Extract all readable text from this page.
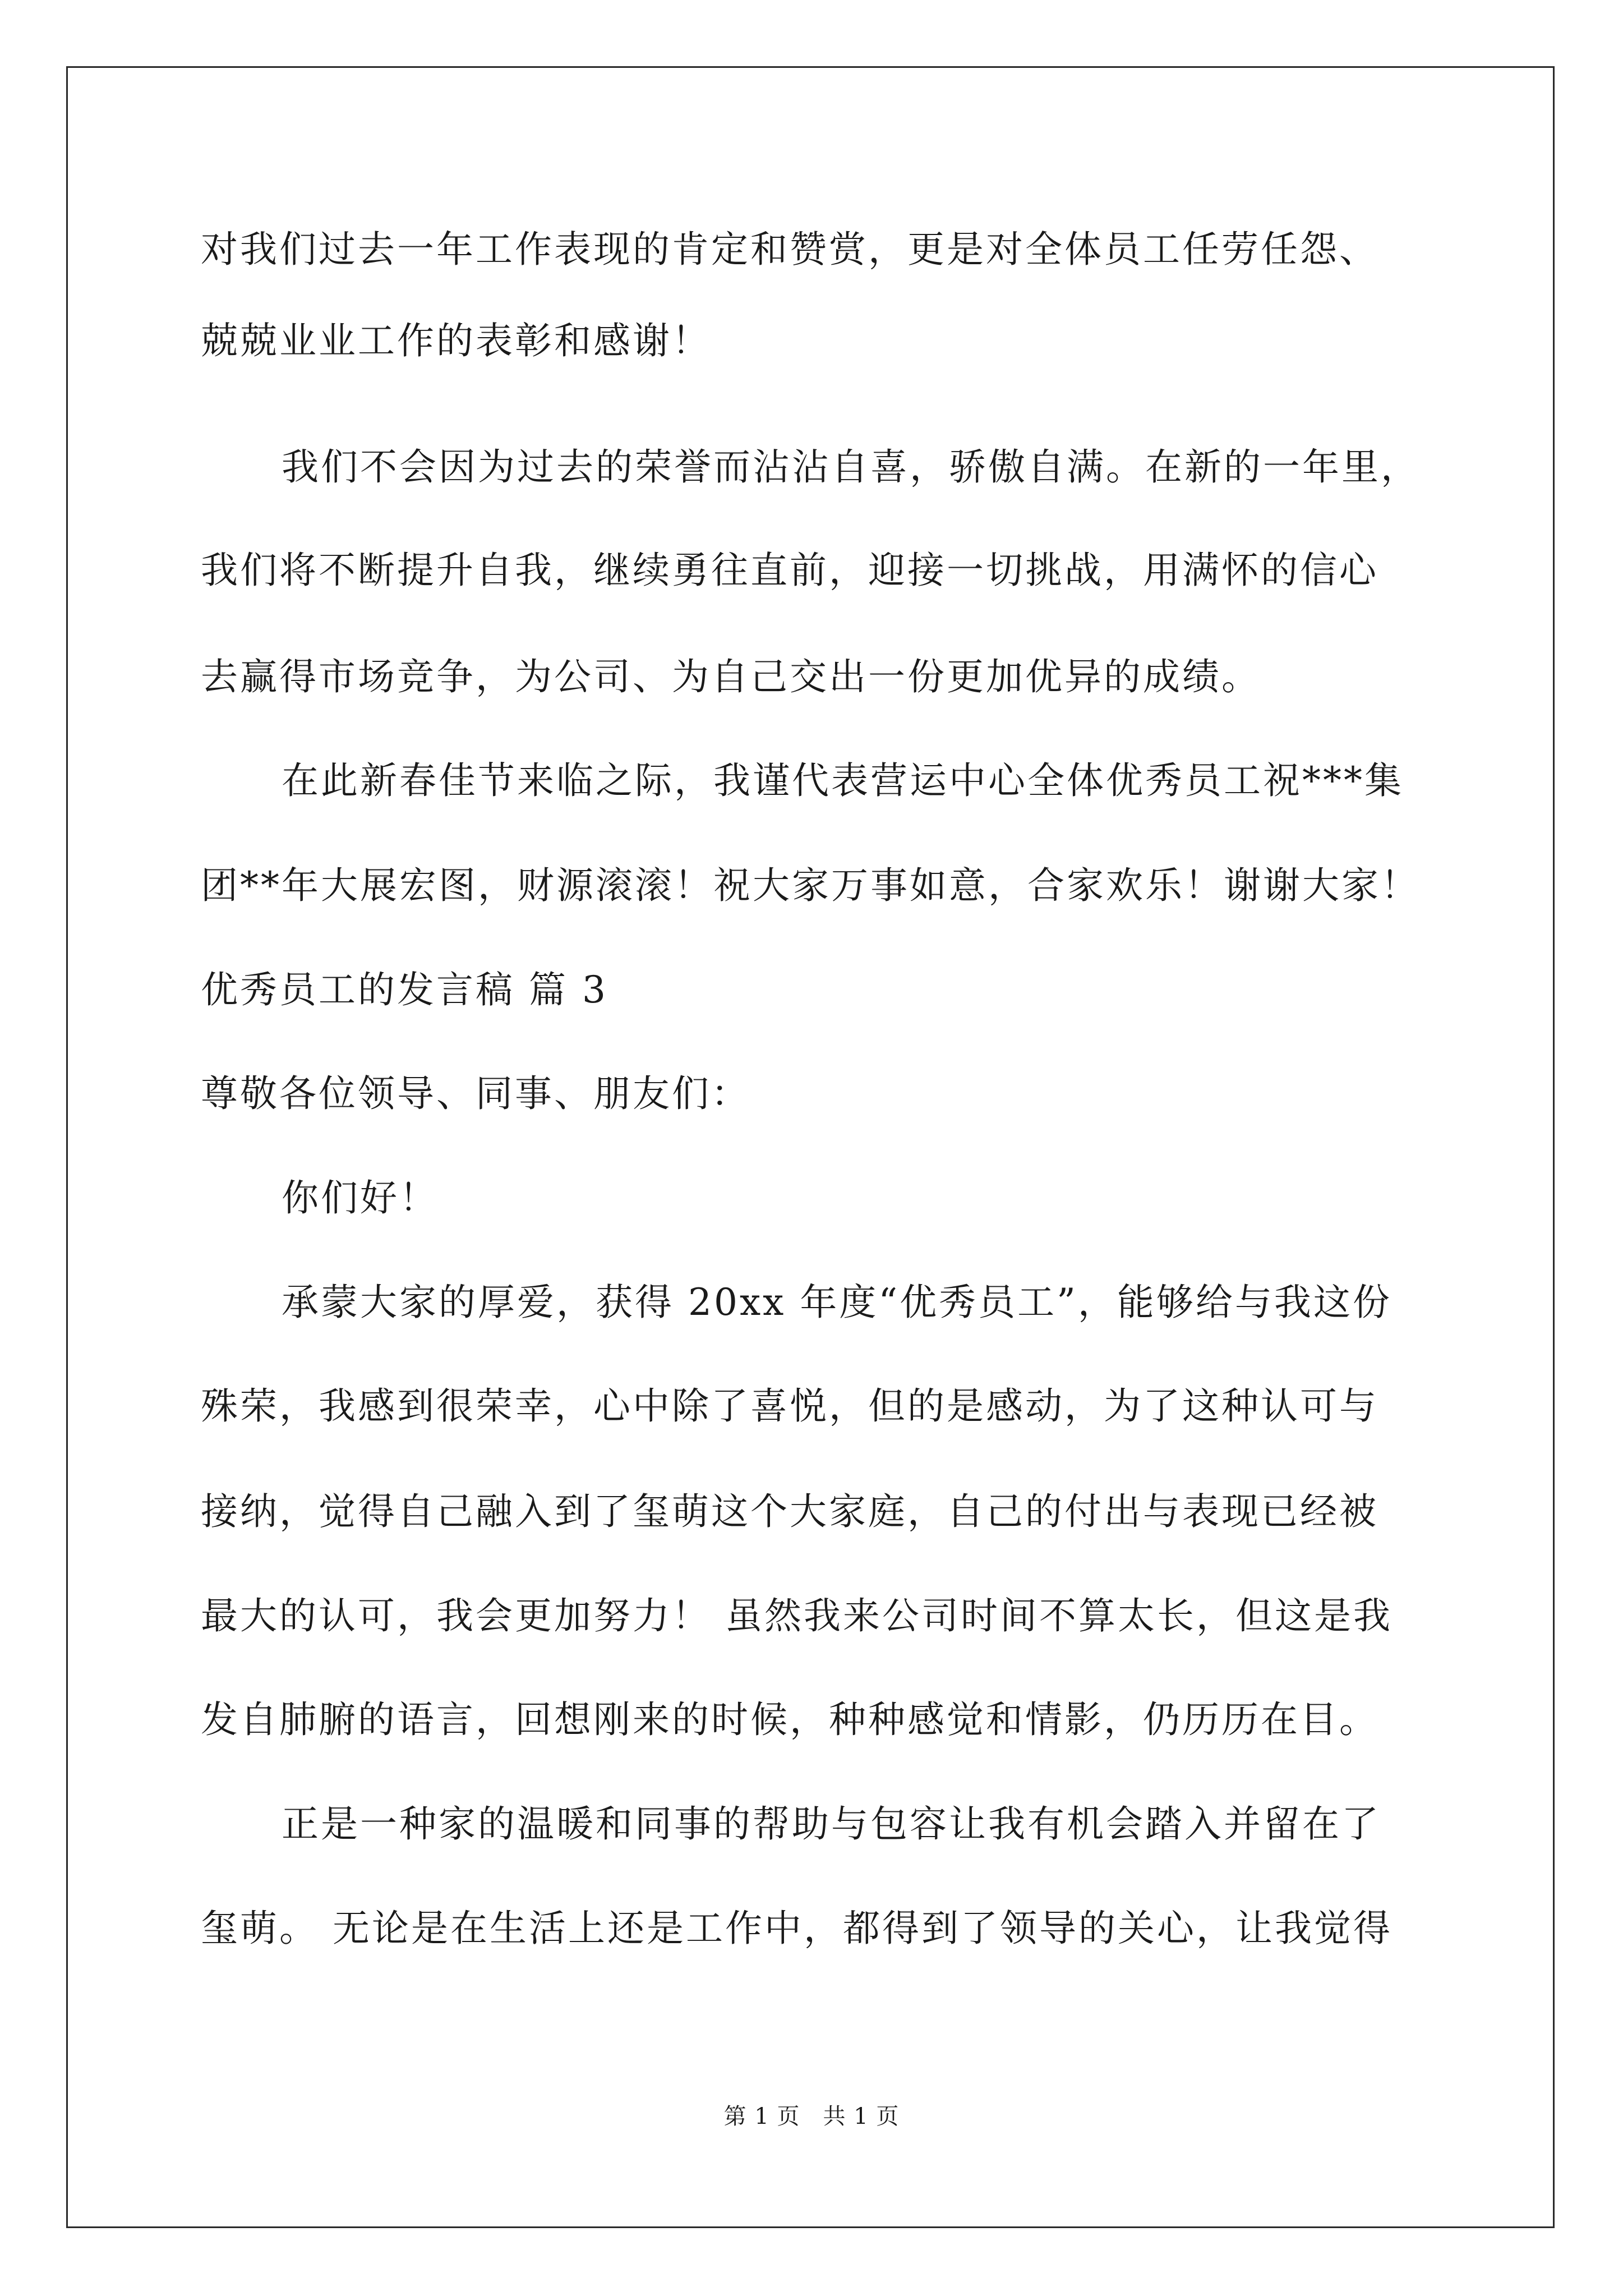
对我们过去一年工作表现的肯定和赞赏，更是对全体员工任劳任怨、
兢兢业业工作的表彰和感谢！
我们不会因为过去的荣誉而沾沾自喜，骄傲自满。在新的一年里，
我们将不断提升自我，继续勇往直前，迎接一切挑战，用满怀的信心
去赢得市场竞争，为公司、为自己交出一份更加优异的成绩。
在此新春佳节来临之际，我谨代表营运中心全体优秀员工祝***集
团**年大展宏图，财源滚滚！祝大家万事如意，合家欢乐！谢谢大家！
优秀员工的发言稿 篇 3
尊敬各位领导、同事、朋友们：
你们好！
承蒙大家的厚爱，获得 20xx 年度“优秀员工”，能够给与我这份
殊荣，我感到很荣幸，心中除了喜悦，但的是感动，为了这种认可与
接纳，觉得自己融入到了玺萌这个大家庭，自己的付出与表现已经被
最大的认可，我会更加努力！ 虽然我来公司时间不算太长，但这是我
发自肺腑的语言，回想刚来的时候，种种感觉和情影，仍历历在目。
正是一种家的温暖和同事的帮助与包容让我有机会踏入并留在了
玺萌。 无论是在生活上还是工作中，都得到了领导的关心，让我觉得
第 1 页　共 1 页
